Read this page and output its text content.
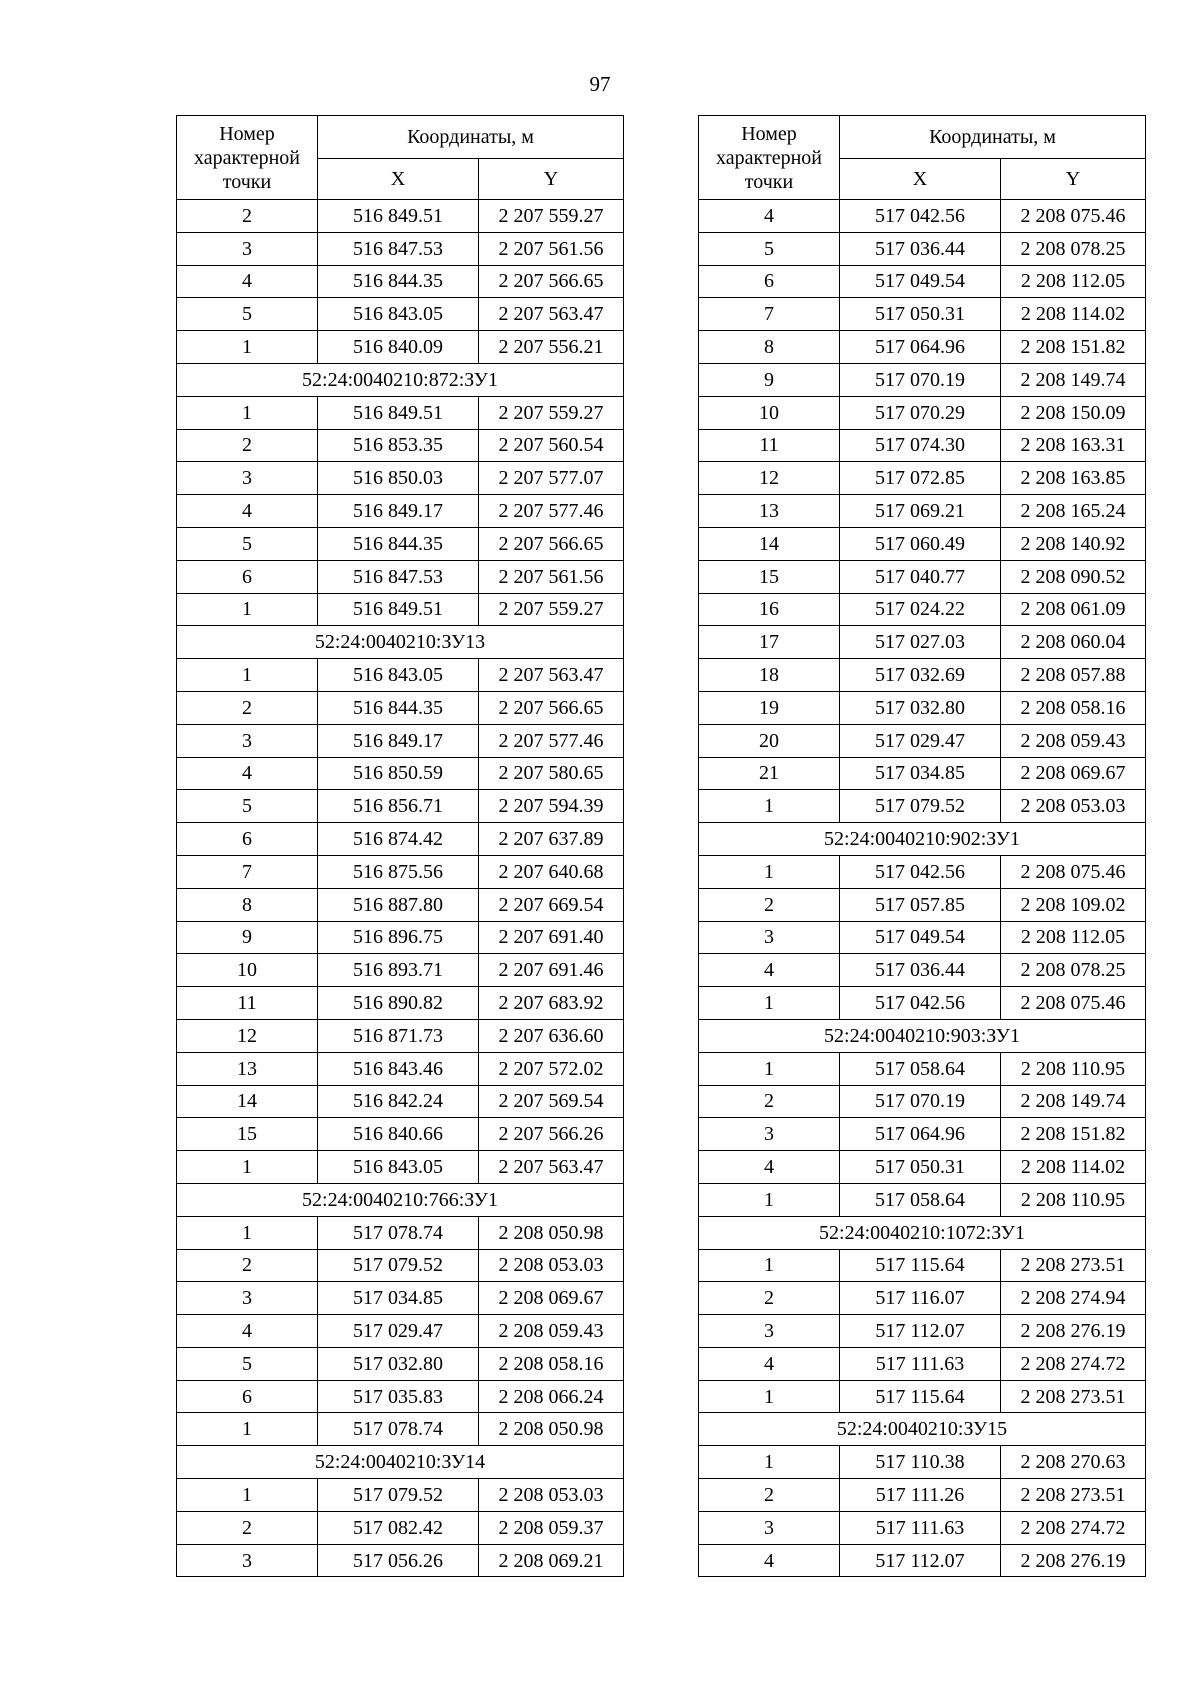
97
Номер характерной точки	Координаты, м	
	X	Y
2	516 849.51	2 207 559.27
3	516 847.53	2 207 561.56
4	516 844.35	2 207 566.65
5	516 843.05	2 207 563.47
1	516 840.09	2 207 556.21
52:24:0040210:872:ЗУ1		
1	516 849.51	2 207 559.27
2	516 853.35	2 207 560.54
3	516 850.03	2 207 577.07
4	516 849.17	2 207 577.46
5	516 844.35	2 207 566.65
6	516 847.53	2 207 561.56
1	516 849.51	2 207 559.27
52:24:0040210:ЗУ13		
1	516 843.05	2 207 563.47
2	516 844.35	2 207 566.65
3	516 849.17	2 207 577.46
4	516 850.59	2 207 580.65
5	516 856.71	2 207 594.39
6	516 874.42	2 207 637.89
7	516 875.56	2 207 640.68
8	516 887.80	2 207 669.54
9	516 896.75	2 207 691.40
10	516 893.71	2 207 691.46
11	516 890.82	2 207 683.92
12	516 871.73	2 207 636.60
13	516 843.46	2 207 572.02
14	516 842.24	2 207 569.54
15	516 840.66	2 207 566.26
1	516 843.05	2 207 563.47
52:24:0040210:766:ЗУ1		
1	517 078.74	2 208 050.98
2	517 079.52	2 208 053.03
3	517 034.85	2 208 069.67
4	517 029.47	2 208 059.43
5	517 032.80	2 208 058.16
6	517 035.83	2 208 066.24
1	517 078.74	2 208 050.98
52:24:0040210:ЗУ14		
1	517 079.52	2 208 053.03
2	517 082.42	2 208 059.37
3	517 056.26	2 208 069.21
Номер характерной точки	Координаты, м	
	X	Y
4	517 042.56	2 208 075.46
5	517 036.44	2 208 078.25
6	517 049.54	2 208 112.05
7	517 050.31	2 208 114.02
8	517 064.96	2 208 151.82
9	517 070.19	2 208 149.74
10	517 070.29	2 208 150.09
11	517 074.30	2 208 163.31
12	517 072.85	2 208 163.85
13	517 069.21	2 208 165.24
14	517 060.49	2 208 140.92
15	517 040.77	2 208 090.52
16	517 024.22	2 208 061.09
17	517 027.03	2 208 060.04
18	517 032.69	2 208 057.88
19	517 032.80	2 208 058.16
20	517 029.47	2 208 059.43
21	517 034.85	2 208 069.67
1	517 079.52	2 208 053.03
52:24:0040210:902:ЗУ1		
1	517 042.56	2 208 075.46
2	517 057.85	2 208 109.02
3	517 049.54	2 208 112.05
4	517 036.44	2 208 078.25
1	517 042.56	2 208 075.46
52:24:0040210:903:ЗУ1		
1	517 058.64	2 208 110.95
2	517 070.19	2 208 149.74
3	517 064.96	2 208 151.82
4	517 050.31	2 208 114.02
1	517 058.64	2 208 110.95
52:24:0040210:1072:ЗУ1		
1	517 115.64	2 208 273.51
2	517 116.07	2 208 274.94
3	517 112.07	2 208 276.19
4	517 111.63	2 208 274.72
1	517 115.64	2 208 273.51
52:24:0040210:ЗУ15		
1	517 110.38	2 208 270.63
2	517 111.26	2 208 273.51
3	517 111.63	2 208 274.72
4	517 112.07	2 208 276.19
